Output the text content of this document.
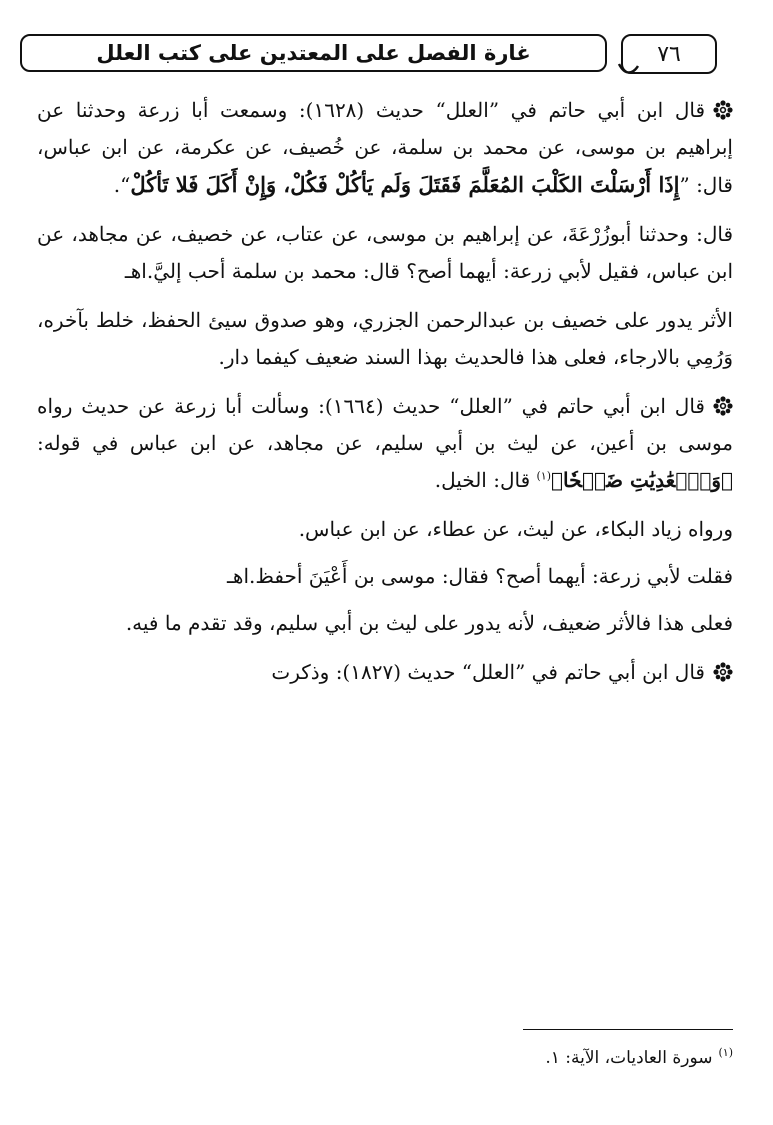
٧٦
غارة الفصل على المعتدين على كتب العلل

قال ابن أبي حاتم في ”العلل“ حديث (١٦٢٨): وسمعت أبا زرعة وحدثنا عن إبراهيم بن موسى، عن محمد بن سلمة، عن خُصيف، عن عكرمة، عن ابن عباس، قال: ”إِذَا أَرْسَلْتَ الكَلْبَ المُعَلَّمَ فَقَتَلَ وَلَم يَأكُلْ فَكُلْ، وَإِنْ أَكَلَ فَلا تَأكُلْ“.

قال: وحدثنا أبوزُرْعَةَ، عن إبراهيم بن موسى، عن عتاب، عن خصيف، عن مجاهد، عن ابن عباس، فقيل لأبي زرعة: أيهما أصح؟ قال: محمد بن سلمة أحب إليَّ.اهـ

الأثر يدور على خصيف بن عبدالرحمن الجزري، وهو صدوق سيئ الحفظ، خلط بآخره، وَرُمِي بالارجاء، فعلى هذا فالحديث بهذا السند ضعيف كيفما دار.

قال ابن أبي حاتم في ”العلل“ حديث (١٦٦٤): وسألت أبا زرعة عن حديث رواه موسى بن أعين، عن ليث بن أبي سليم، عن مجاهد، عن ابن عباس في قوله: ﴿وَٱلۡعَٰدِيَٰتِ ضَبۡحٗا﴾$^{(١)}$ قال: الخيل.

ورواه زياد البكاء، عن ليث، عن عطاء، عن ابن عباس.

فقلت لأبي زرعة: أيهما أصح؟ فقال: موسى بن أَعْيَنَ أحفظ.اهـ

فعلى هذا فالأثر ضعيف، لأنه يدور على ليث بن أبي سليم، وقد تقدم ما فيه.

قال ابن أبي حاتم في ”العلل“ حديث (١٨٢٧): وذكرت

$^{(١)}$سورة العاديات، الآية: ١.
